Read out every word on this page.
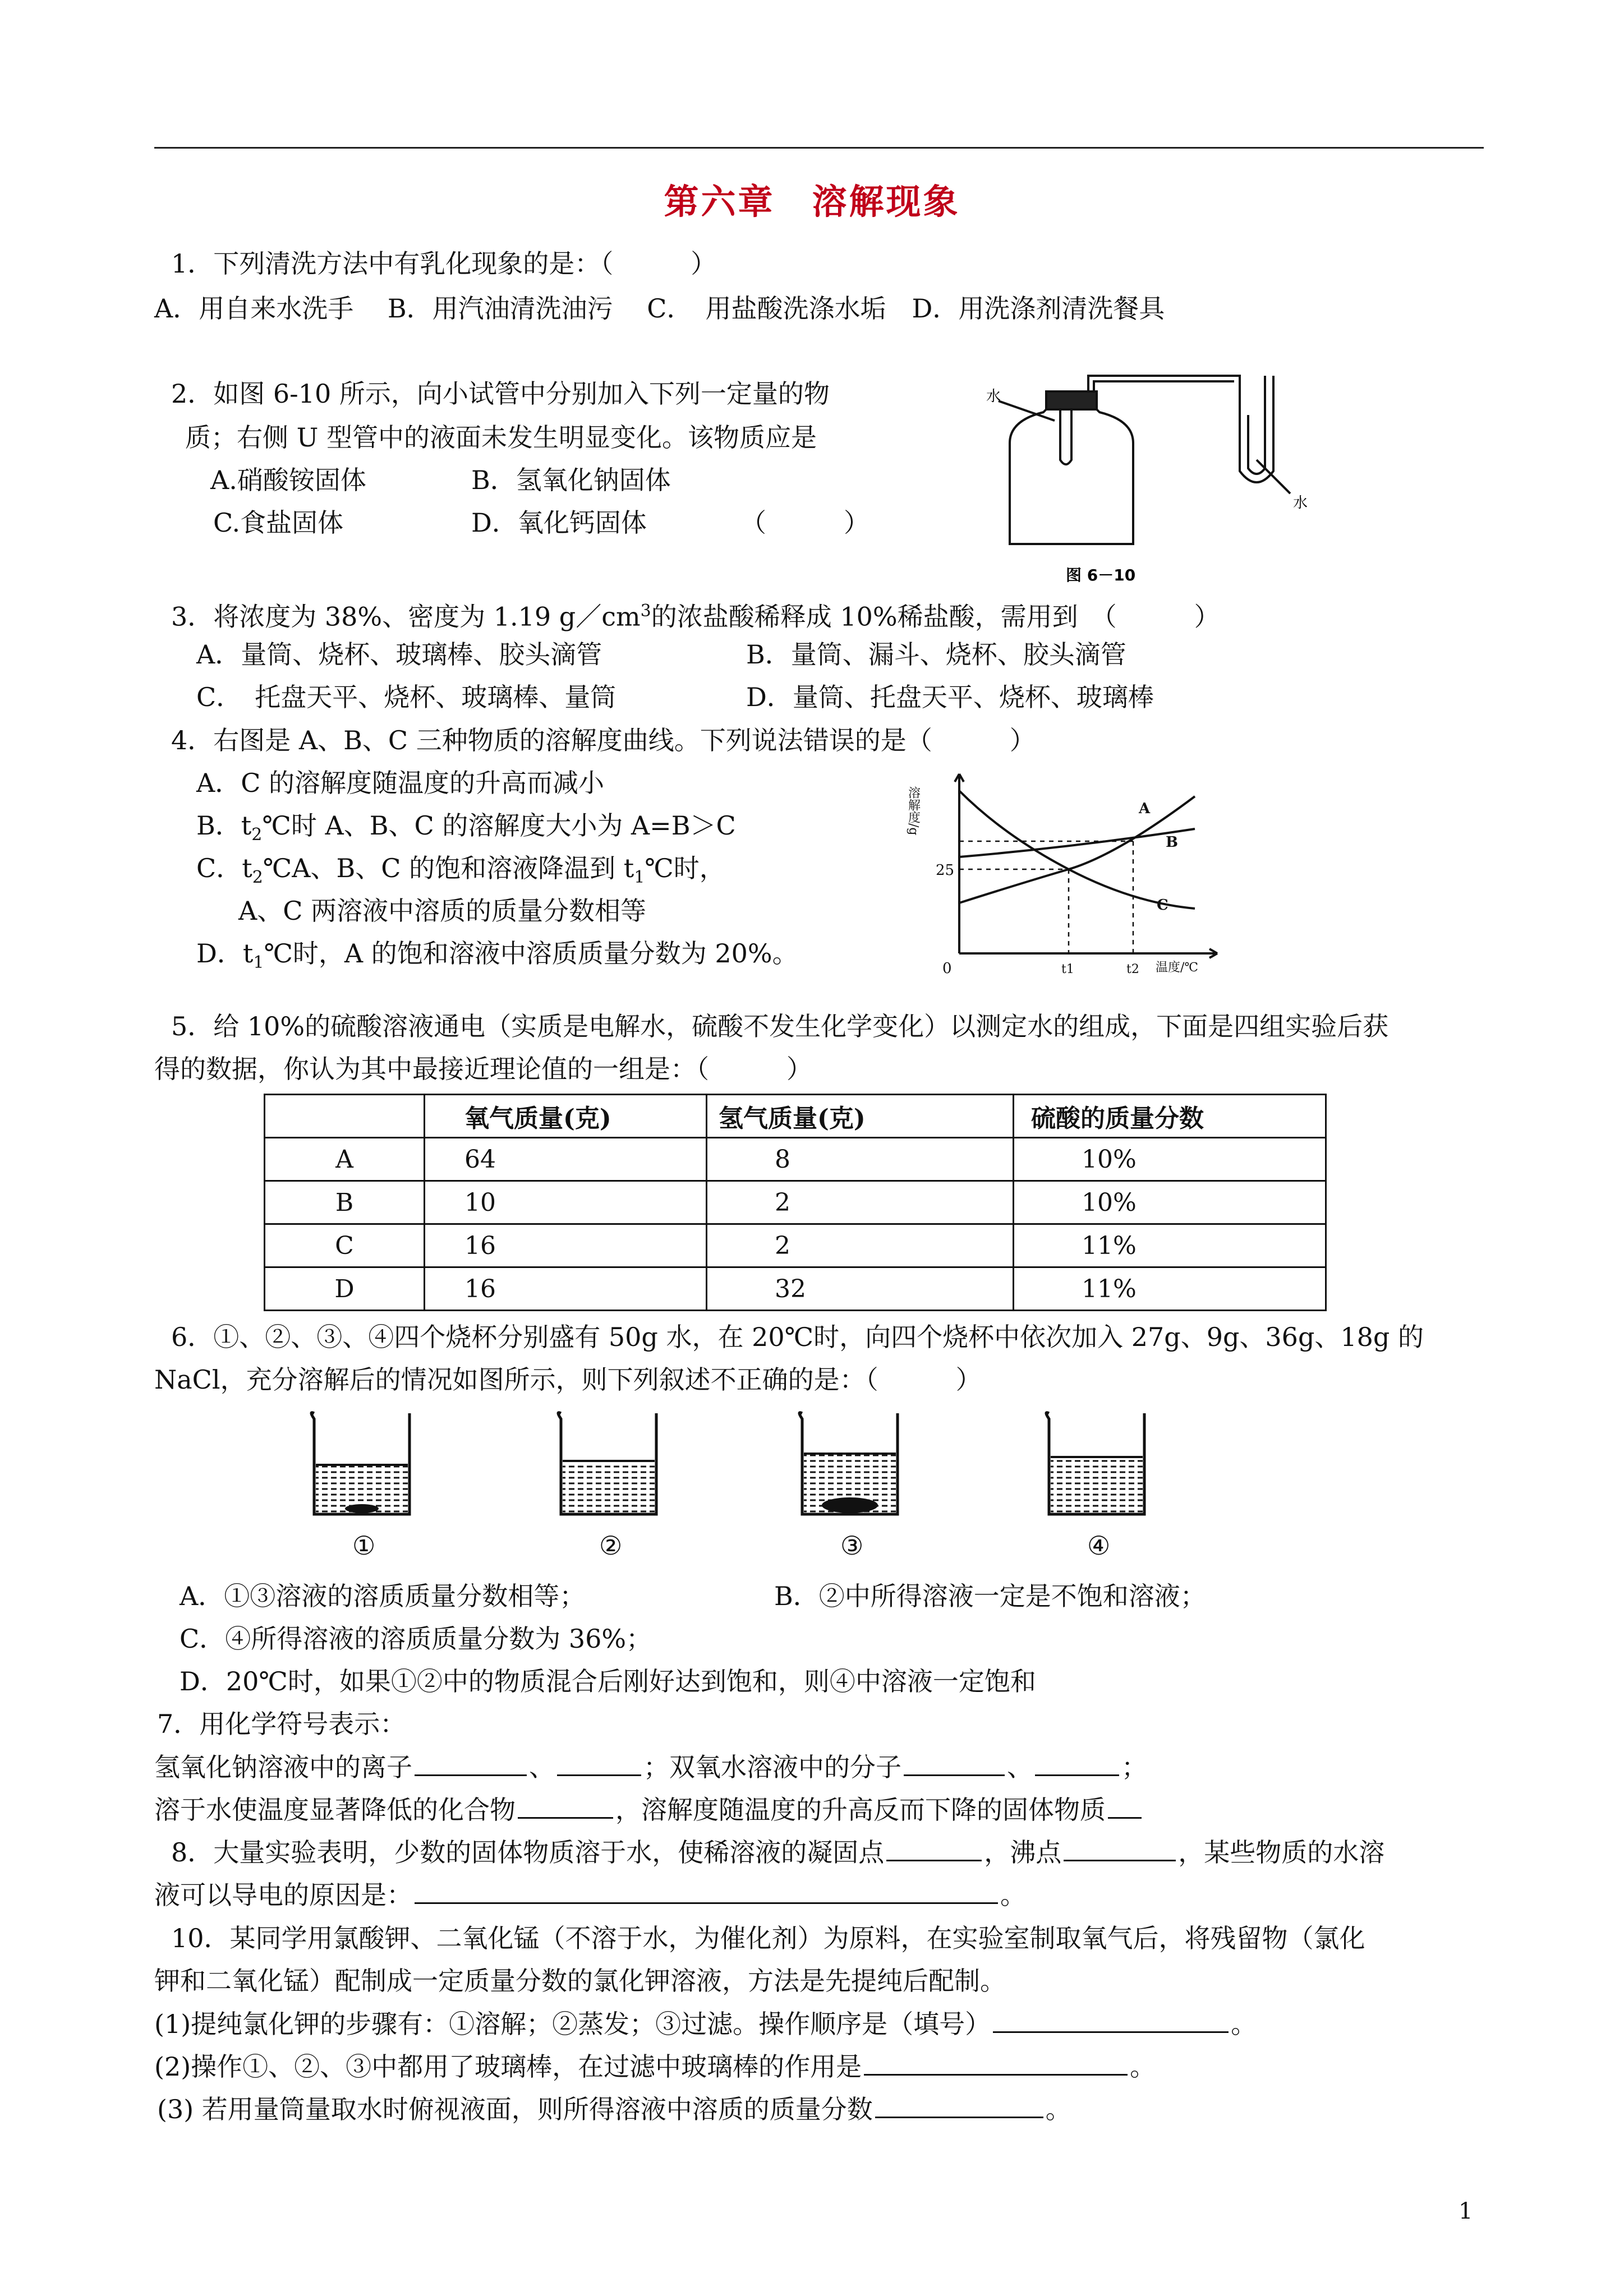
第六章　溶解现象
1．下列清洗方法中有乳化现象的是：（　　　）
A．用自来水洗手　 B．用汽油清洗油污　 C．　用盐酸洗涤水垢　D．用洗涤剂清洗餐具
2．如图 6-10 所示，向小试管中分别加入下列一定量的物
质；右侧 U 型管中的液面未发生明显变化。该物质应是
A.硝酸铵固体	B．氢氧化钠固体
C.食盐固体	D．氧化钙固体	（　　　）
水
水
图 6－10
3．将浓度为 38%、密度为 1.19 $g/cm^3$的浓盐酸稀释成 10%稀盐酸，需用到　（　　　）
A．量筒、烧杯、玻璃棒、胶头滴管	B．量筒、漏斗、烧杯、胶头滴管
C．　托盘天平、烧杯、玻璃棒、量筒	D．量筒、托盘天平、烧杯、玻璃棒
4．右图是 A、B、C 三种物质的溶解度曲线。下列说法错误的是（　　　）
A．C 的溶解度随温度的升高而减小
B．$t_2℃$时 A、B、C 的溶解度大小为 A=B＞C
C．$t_2℃A$、B、C 的饱和溶液降温到 $t_1℃$时，
A、C 两溶液中溶质的质量分数相等
D．$t_1℃$时，A 的饱和溶液中溶质质量分数为 20%。
溶解度/g
25
0	t1	t2 温度/℃
A
B
C
5．给 10%的硫酸溶液通电（实质是电解水，硫酸不发生化学变化）以测定水的组成，下面是四组实验后获
得的数据，你认为其中最接近理论值的一组是：（　　　）
	氧气质量(克)	氢气质量(克)	硫酸的质量分数
A	64	8	10%
B	10	2	10%
C	16	2	11%
D	16	32	11%
6．①、②、③、④四个烧杯分别盛有 50g 水，在 20℃时，向四个烧杯中依次加入 27g、9g、36g、18g 的
NaCl，充分溶解后的情况如图所示，则下列叙述不正确的是：（　　　）
①	②	③	④
A．①③溶液的溶质质量分数相等；	B．②中所得溶液一定是不饱和溶液；
C．④所得溶液的溶质质量分数为 36%；
D．20℃时，如果①②中的物质混合后刚好达到饱和，则④中溶液一定饱和
7．用化学符号表示：
氢氧化钠溶液中的离子	、	；双氧水溶液中的分子	、	；
溶于水使温度显著降低的化合物	，溶解度随温度的升高反而下降的固体物质
8．大量实验表明，少数的固体物质溶于水，使稀溶液的凝固点	，沸点	，某些物质的水溶
液可以导电的原因是：	。
10．某同学用氯酸钾、二氧化锰（不溶于水，为催化剂）为原料，在实验室制取氧气后，将残留物（氯化
钾和二氧化锰）配制成一定质量分数的氯化钾溶液，方法是先提纯后配制。
(1)提纯氯化钾的步骤有：①溶解；②蒸发；③过滤。操作顺序是（填号）	。
(2)操作①、②、③中都用了玻璃棒，在过滤中玻璃棒的作用是	。
(3) 若用量筒量取水时俯视液面，则所得溶液中溶质的质量分数	。
1
